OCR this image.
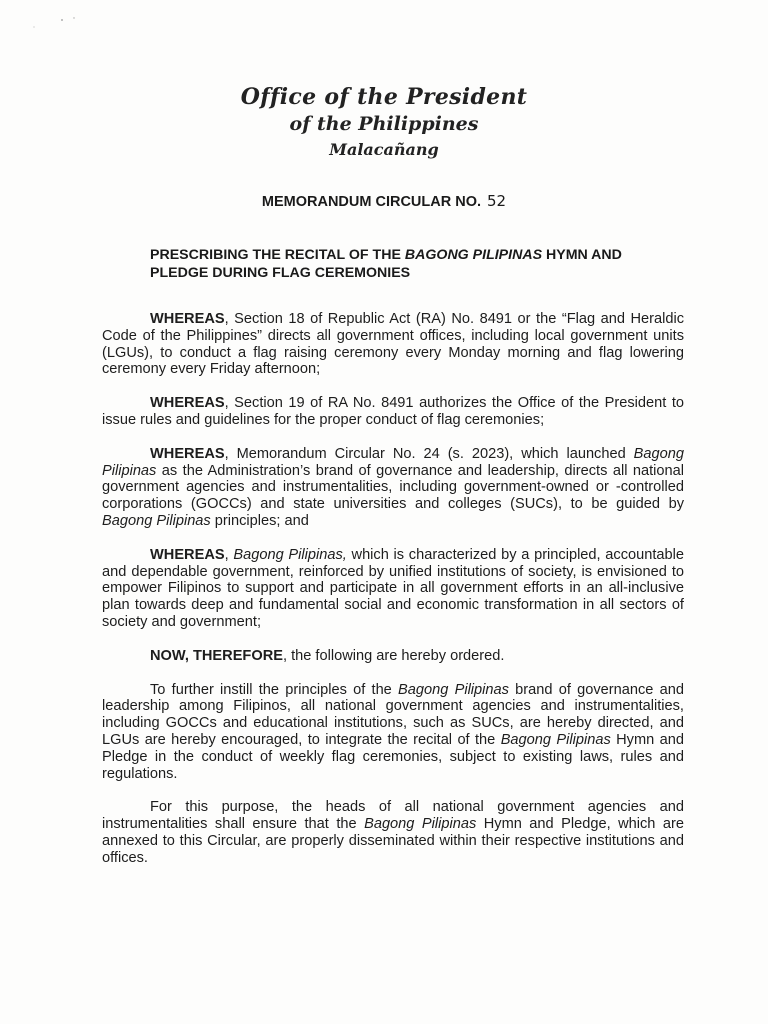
Office of the President
of the Philippines
Malacañang
MEMORANDUM CIRCULAR NO. 52
PRESCRIBING THE RECITAL OF THE BAGONG PILIPINAS HYMN AND PLEDGE DURING FLAG CEREMONIES

WHEREAS, Section 18 of Republic Act (RA) No. 8491 or the “Flag and Heraldic Code of the Philippines” directs all government offices, including local government units (LGUs), to conduct a flag raising ceremony every Monday morning and flag lowering ceremony every Friday afternoon;

WHEREAS, Section 19 of RA No. 8491 authorizes the Office of the President to issue rules and guidelines for the proper conduct of flag ceremonies;

WHEREAS, Memorandum Circular No. 24 (s. 2023), which launched Bagong Pilipinas as the Administration’s brand of governance and leadership, directs all national government agencies and instrumentalities, including government-owned or -controlled corporations (GOCCs) and state universities and colleges (SUCs), to be guided by Bagong Pilipinas principles; and

WHEREAS, Bagong Pilipinas, which is characterized by a principled, accountable and dependable government, reinforced by unified institutions of society, is envisioned to empower Filipinos to support and participate in all government efforts in an all-inclusive plan towards deep and fundamental social and economic transformation in all sectors of society and government;

NOW, THEREFORE, the following are hereby ordered.

To further instill the principles of the Bagong Pilipinas brand of governance and leadership among Filipinos, all national government agencies and instrumentalities, including GOCCs and educational institutions, such as SUCs, are hereby directed, and LGUs are hereby encouraged, to integrate the recital of the Bagong Pilipinas Hymn and Pledge in the conduct of weekly flag ceremonies, subject to existing laws, rules and regulations.

For this purpose, the heads of all national government agencies and instrumentalities shall ensure that the Bagong Pilipinas Hymn and Pledge, which are annexed to this Circular, are properly disseminated within their respective institutions and offices.
